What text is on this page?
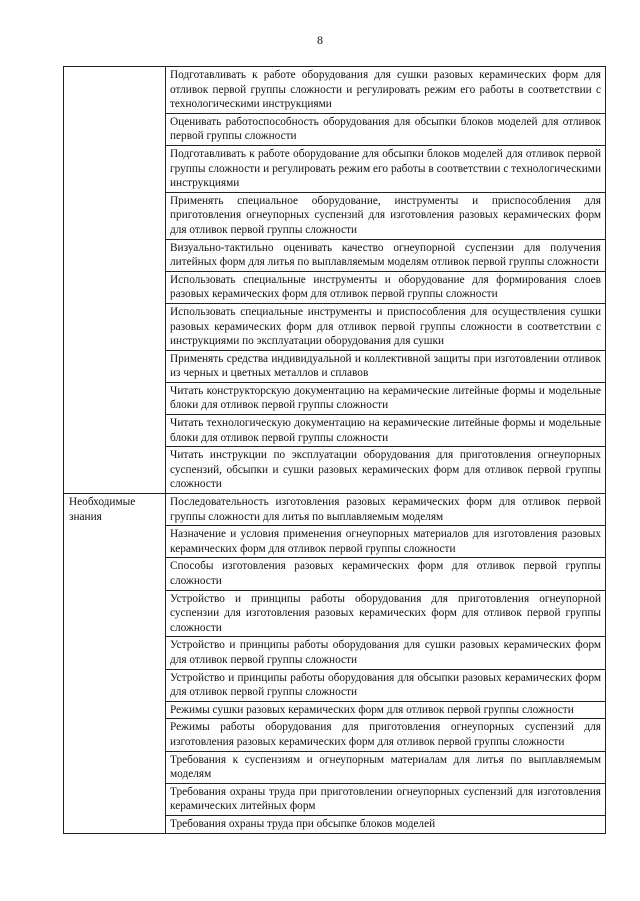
8
	Подготавливать к работе оборудования для сушки разовых керамических форм для отливок первой группы сложности и регулировать режим его работы в соответствии с технологическими инструкциями
	Оценивать работоспособность оборудования для обсыпки блоков моделей для отливок первой группы сложности
	Подготавливать к работе оборудование для обсыпки блоков моделей для отливок первой группы сложности и регулировать режим его работы в соответствии с технологическими инструкциями
	Применять специальное оборудование, инструменты и приспособления для приготовления огнеупорных суспензий для изготовления разовых керамических форм для отливок первой группы сложности
	Визуально-тактильно оценивать качество огнеупорной суспензии для получения литейных форм для литья по выплавляемым моделям отливок первой группы сложности
	Использовать специальные инструменты и оборудование для формирования слоев разовых керамических форм для отливок первой группы сложности
	Использовать специальные инструменты и приспособления для осуществления сушки разовых керамических форм для отливок первой группы сложности в соответствии с инструкциями по эксплуатации оборудования для сушки
	Применять средства индивидуальной и коллективной защиты при изготовлении отливок из черных и цветных металлов и сплавов
	Читать конструкторскую документацию на керамические литейные формы и модельные блоки для отливок первой группы сложности
	Читать технологическую документацию на керамические литейные формы и модельные блоки для отливок первой группы сложности
	Читать инструкции по эксплуатации оборудования для приготовления огнеупорных суспензий, обсыпки и сушки разовых керамических форм для отливок первой группы сложности
Необходимые знания	Последовательность изготовления разовых керамических форм для отливок первой группы сложности для литья по выплавляемым моделям
	Назначение и условия применения огнеупорных материалов для изготовления разовых керамических форм для отливок первой группы сложности
	Способы изготовления разовых керамических форм для отливок первой группы сложности
	Устройство и принципы работы оборудования для приготовления огнеупорной суспензии для изготовления разовых керамических форм для отливок первой группы сложности
	Устройство и принципы работы оборудования для сушки разовых керамических форм для отливок первой группы сложности
	Устройство и принципы работы оборудования для обсыпки разовых керамических форм для отливок первой группы сложности
	Режимы сушки разовых керамических форм для отливок первой группы сложности
	Режимы работы оборудования для приготовления огнеупорных суспензий для изготовления разовых керамических форм для отливок первой группы сложности
	Требования к суспензиям и огнеупорным материалам для литья по выплавляемым моделям
	Требования охраны труда при приготовлении огнеупорных суспензий для изготовления керамических литейных форм
	Требования охраны труда при обсыпке блоков моделей
